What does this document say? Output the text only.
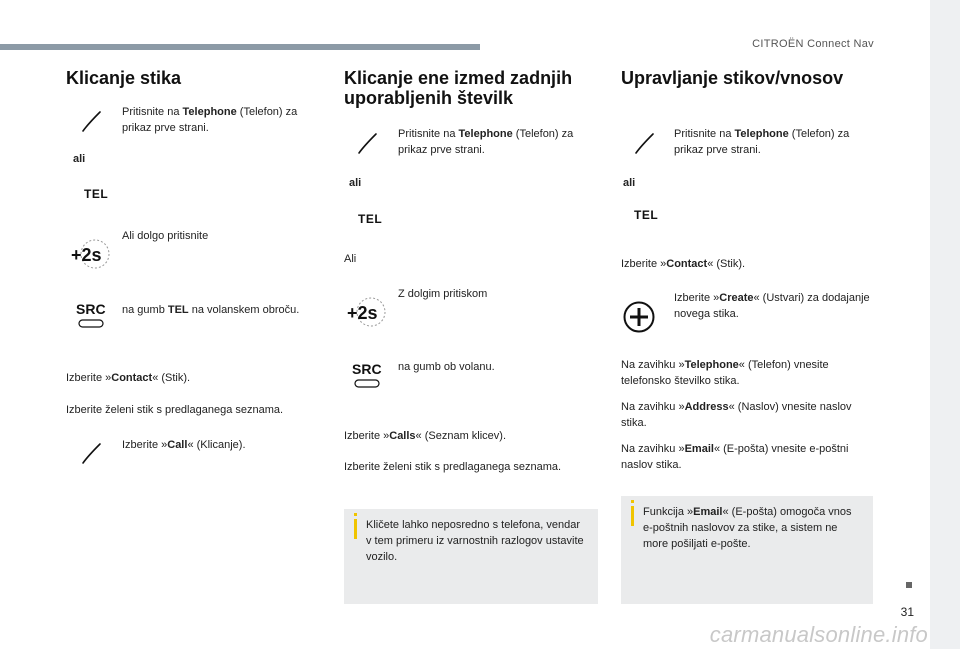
CITROËN Connect Nav
31
carmanualsonline.info
Klicanje stika
Pritisnite na Telephone (Telefon) za prikaz prve strani.
ali
TEL
+2s
Ali dolgo pritisnite
SRC na gumb TEL na volanskem obroču.
Izberite »Contact« (Stik).
Izberite želeni stik s predlaganega seznama.
Izberite »Call« (Klicanje).
Klicanje ene izmed zadnjih uporabljenih številk
Pritisnite na Telephone (Telefon) za prikaz prve strani.
ali
TEL
Ali
+2s
Z dolgim pritiskom
SRC na gumb ob volanu.
Izberite »Calls« (Seznam klicev).
Izberite želeni stik s predlaganega seznama.
Kličete lahko neposredno s telefona, vendar v tem primeru iz varnostnih razlogov ustavite vozilo.
Upravljanje stikov/vnosov
Pritisnite na Telephone (Telefon) za prikaz prve strani.
ali
TEL
Izberite »Contact« (Stik).
Izberite »Create« (Ustvari) za dodajanje novega stika.
Na zavihku »Telephone« (Telefon) vnesite telefonsko številko stika.
Na zavihku »Address« (Naslov) vnesite naslov stika.
Na zavihku »Email« (E-pošta) vnesite e-poštni naslov stika.
Funkcija »Email« (E-pošta) omogoča vnos e-poštnih naslovov za stike, a sistem ne more pošiljati e-pošte.
